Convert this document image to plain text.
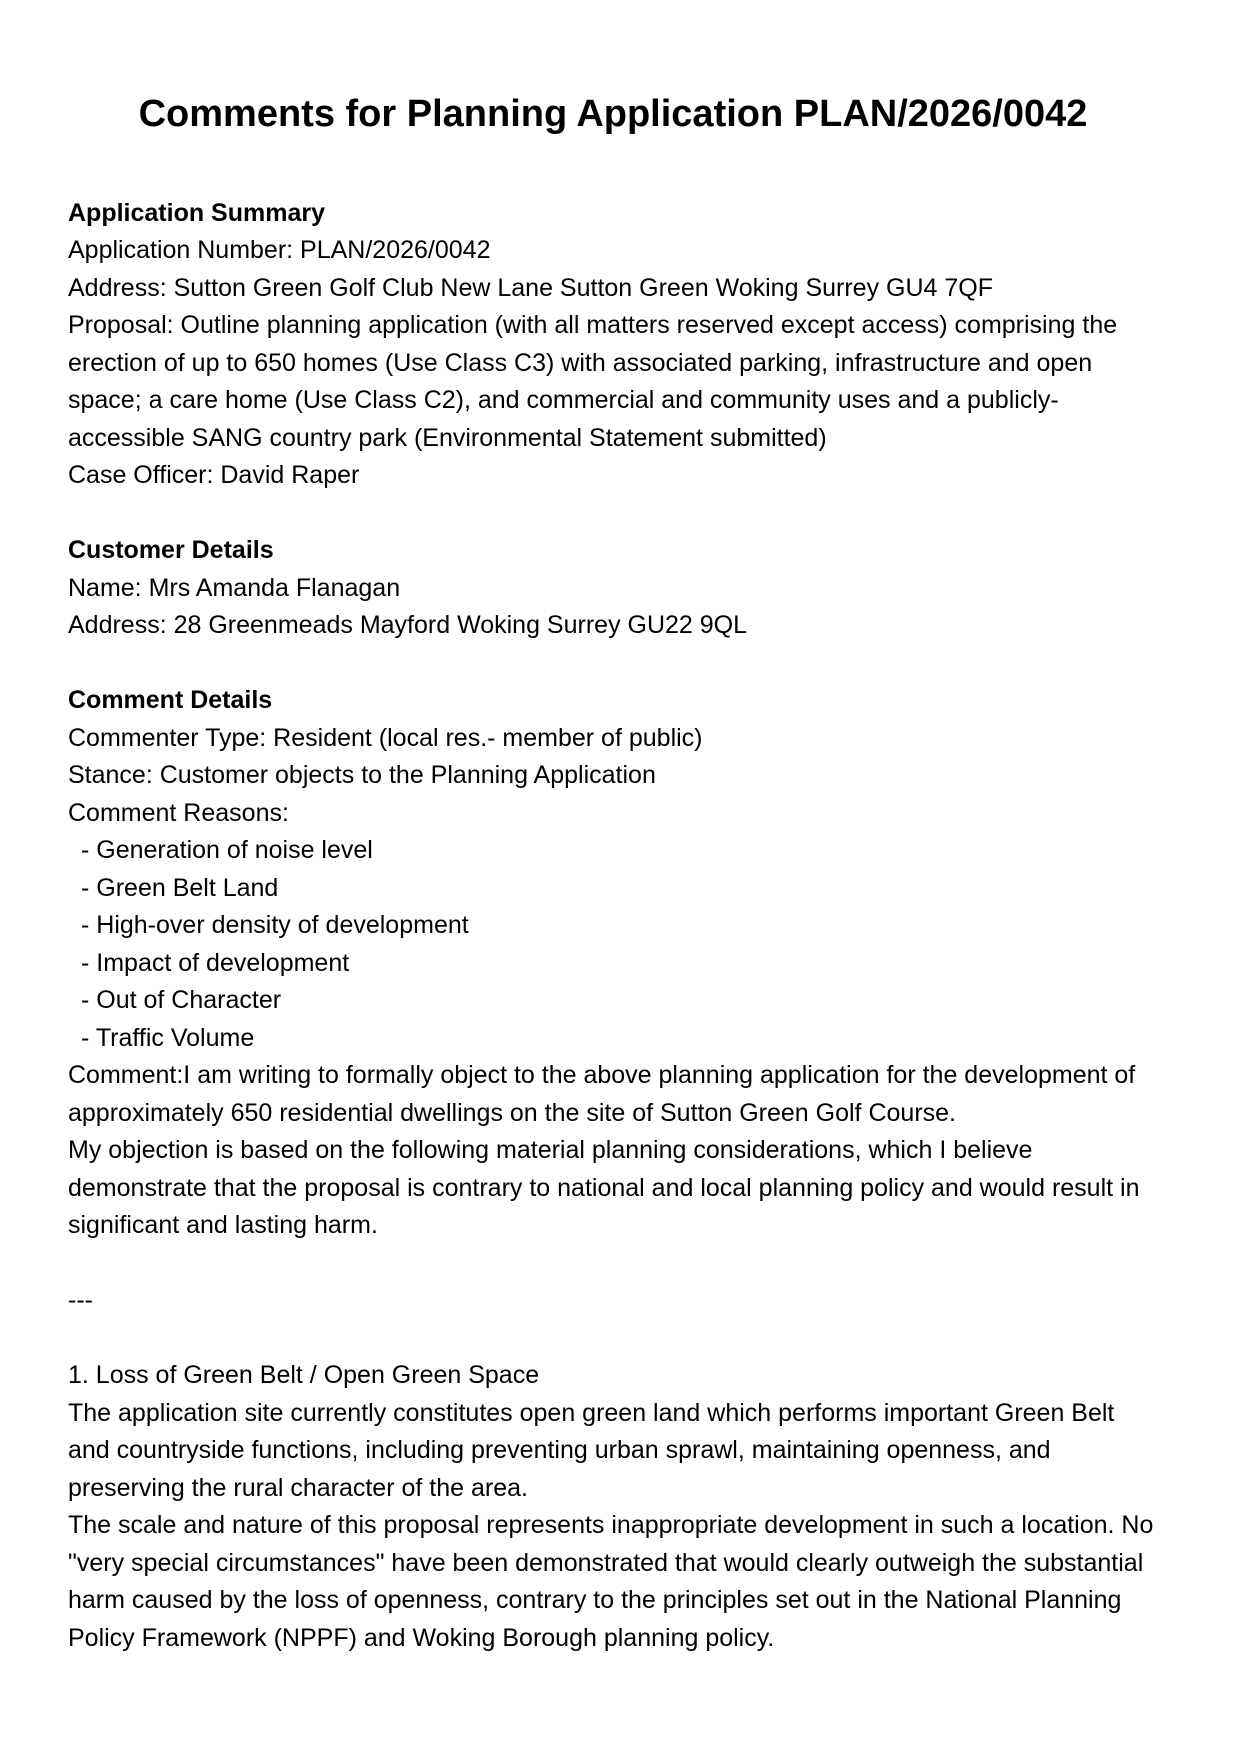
Comments for Planning Application PLAN/2026/0042
Application Summary

Application Number: PLAN/2026/0042

Address: Sutton Green Golf Club New Lane Sutton Green Woking Surrey GU4 7QF

Proposal: Outline planning application (with all matters reserved except access) comprising the erection of up to 650 homes (Use Class C3) with associated parking, infrastructure and open space; a care home (Use Class C2), and commercial and community uses and a publicly-accessible SANG country park (Environmental Statement submitted)

Case Officer: David Raper

Customer Details

Name: Mrs Amanda Flanagan

Address: 28 Greenmeads Mayford Woking Surrey GU22 9QL

Comment Details

Commenter Type: Resident (local res.- member of public)

Stance: Customer objects to the Planning Application

Comment Reasons:

- Generation of noise level

- Green Belt Land

- High-over density of development

- Impact of development

- Out of Character

- Traffic Volume

Comment:I am writing to formally object to the above planning application for the development of approximately 650 residential dwellings on the site of Sutton Green Golf Course.

My objection is based on the following material planning considerations, which I believe demonstrate that the proposal is contrary to national and local planning policy and would result in significant and lasting harm.

---

1. Loss of Green Belt / Open Green Space

The application site currently constitutes open green land which performs important Green Belt and countryside functions, including preventing urban sprawl, maintaining openness, and preserving the rural character of the area.

The scale and nature of this proposal represents inappropriate development in such a location. No "very special circumstances" have been demonstrated that would clearly outweigh the substantial harm caused by the loss of openness, contrary to the principles set out in the National Planning Policy Framework (NPPF) and Woking Borough planning policy.
